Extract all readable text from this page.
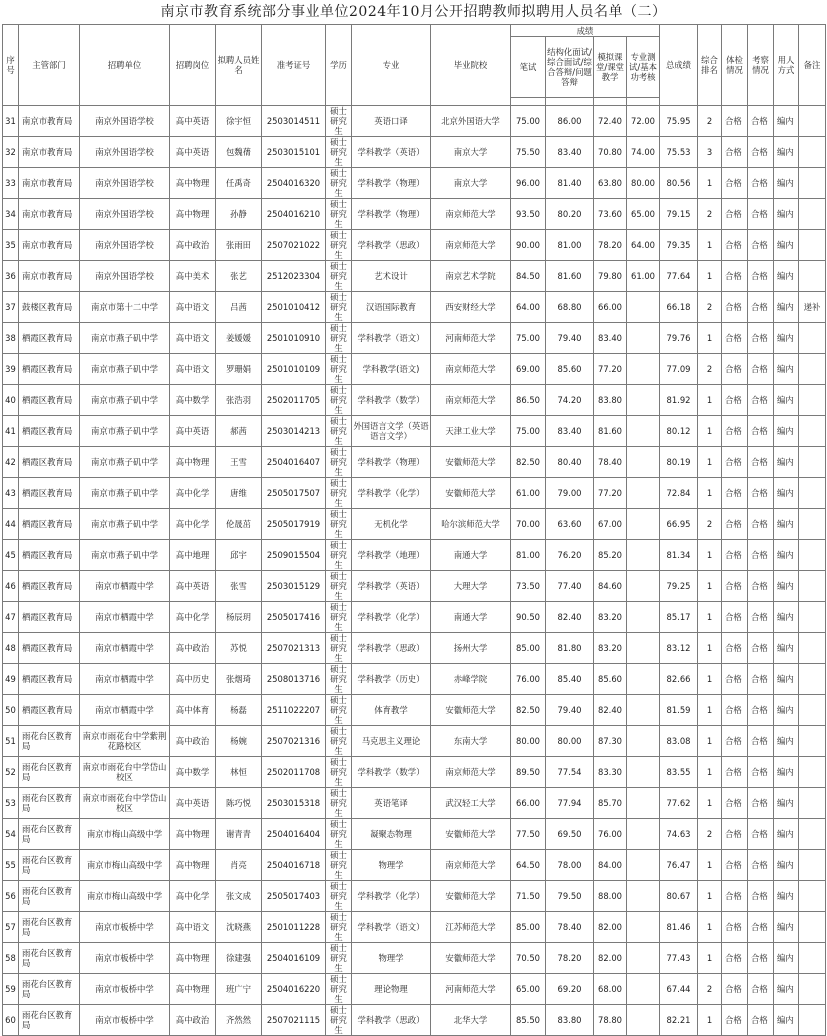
南京市教育系统部分事业单位2024年10月公开招聘教师拟聘用人员名单（二）
序号	主管部门	招聘单位	招聘岗位	拟聘人员姓名	准考证号	学历	专业	毕业院校	成绩				总成绩	综合排名	体检情况	考察情况	用人方式	备注
									笔试	结构化面试/综合面试/综合答辩/问题答辩	模拟课堂/课堂教学	专业测试/基本功考核						

31	南京市教育局	南京外国语学校	高中英语	徐宇恒	2503014511	硕士研究生	英语口译	北京外国语大学	75.00	86.00	72.40	72.00	75.95	2	合格	合格	编内	
32	南京市教育局	南京外国语学校	高中英语	包魏蒨	2503015101	硕士研究生	学科教学（英语）	南京大学	75.50	83.40	70.80	74.00	75.53	3	合格	合格	编内	
33	南京市教育局	南京外国语学校	高中物理	任禹奇	2504016320	硕士研究生	学科教学（物理）	南京大学	96.00	81.40	63.80	80.00	80.56	1	合格	合格	编内	
34	南京市教育局	南京外国语学校	高中物理	孙静	2504016210	硕士研究生	学科教学（物理）	南京师范大学	93.50	80.20	73.60	65.00	79.15	2	合格	合格	编内	
35	南京市教育局	南京外国语学校	高中政治	张雨田	2507021022	硕士研究生	学科教学（思政）	南京师范大学	90.00	81.00	78.20	64.00	79.35	1	合格	合格	编内	
36	南京市教育局	南京外国语学校	高中美术	张艺	2512023304	硕士研究生	艺术设计	南京艺术学院	84.50	81.60	79.80	61.00	77.64	1	合格	合格	编内	
37	鼓楼区教育局	南京市第十二中学	高中语文	吕茜	2501010412	硕士研究生	汉语国际教育	西安财经大学	64.00	68.80	66.00		66.18	2	合格	合格	编内	递补
38	栖霞区教育局	南京市燕子矶中学	高中语文	姜媛媛	2501010910	硕士研究生	学科教学（语文）	河南师范大学	75.00	79.40	83.40		79.76	1	合格	合格	编内	
39	栖霞区教育局	南京市燕子矶中学	高中语文	罗珊娟	2501010109	硕士研究生	学科教学(语文)	南京师范大学	69.00	85.60	77.20		77.09	2	合格	合格	编内	
40	栖霞区教育局	南京市燕子矶中学	高中数学	张浩羽	2502011705	硕士研究生	学科教学（数学）	南京师范大学	86.50	74.20	83.80		81.92	1	合格	合格	编内	
41	栖霞区教育局	南京市燕子矶中学	高中英语	郝茜	2503014213	硕士研究生	外国语言文学（英语语言文学）	天津工业大学	75.00	83.40	81.60		80.12	1	合格	合格	编内	
42	栖霞区教育局	南京市燕子矶中学	高中物理	王雪	2504016407	硕士研究生	学科教学（物理）	安徽师范大学	82.50	80.40	78.40		80.19	1	合格	合格	编内	
43	栖霞区教育局	南京市燕子矶中学	高中化学	唐维	2505017507	硕士研究生	学科教学（化学）	安徽师范大学	61.00	79.00	77.20		72.84	1	合格	合格	编内	
44	栖霞区教育局	南京市燕子矶中学	高中化学	伦晟茁	2505017919	硕士研究生	无机化学	哈尔滨师范大学	70.00	63.60	67.00		66.95	2	合格	合格	编内	
45	栖霞区教育局	南京市燕子矶中学	高中地理	邱宇	2509015504	硕士研究生	学科教学（地理）	南通大学	81.00	76.20	85.20		81.34	1	合格	合格	编内	
46	栖霞区教育局	南京市栖霞中学	高中英语	张雪	2503015129	硕士研究生	学科教学（英语）	大理大学	73.50	77.40	84.60		79.25	1	合格	合格	编内	
47	栖霞区教育局	南京市栖霞中学	高中化学	杨辰玥	2505017416	硕士研究生	学科教学（化学）	南通大学	90.50	82.40	83.20		85.17	1	合格	合格	编内	
48	栖霞区教育局	南京市栖霞中学	高中政治	苏悦	2507021313	硕士研究生	学科教学（思政）	扬州大学	85.00	81.80	83.20		83.12	1	合格	合格	编内	
49	栖霞区教育局	南京市栖霞中学	高中历史	张烟琦	2508013716	硕士研究生	学科教学（历史）	赤峰学院	76.00	85.40	85.60		82.66	1	合格	合格	编内	
50	栖霞区教育局	南京市栖霞中学	高中体育	杨磊	2511022207	硕士研究生	体育教学	安徽师范大学	82.50	79.40	82.40		81.59	1	合格	合格	编内	
51	雨花台区教育局	南京市雨花台中学紫荆花路校区	高中政治	杨婉	2507021316	硕士研究生	马克思主义理论	东南大学	80.00	80.00	87.30		83.08	1	合格	合格	编内	
52	雨花台区教育局	南京市雨花台中学岱山校区	高中数学	林恒	2502011708	硕士研究生	学科教学（数学）	南京师范大学	89.50	77.54	83.30		83.55	1	合格	合格	编内	
53	雨花台区教育局	南京市雨花台中学岱山校区	高中英语	陈巧悦	2503015318	硕士研究生	英语笔译	武汉轻工大学	66.00	77.94	85.70		77.62	1	合格	合格	编内	
54	雨花台区教育局	南京市梅山高级中学	高中物理	谢青青	2504016404	硕士研究生	凝聚态物理	安徽师范大学	77.50	69.50	76.00		74.63	2	合格	合格	编内	
55	雨花台区教育局	南京市梅山高级中学	高中物理	肖亮	2504016718	硕士研究生	物理学	南京师范大学	64.50	78.00	84.00		76.47	1	合格	合格	编内	
56	雨花台区教育局	南京市梅山高级中学	高中化学	张文成	2505017403	硕士研究生	学科教学（化学）	安徽师范大学	71.50	79.50	88.00		80.67	1	合格	合格	编内	
57	雨花台区教育局	南京市板桥中学	高中语文	沈晓燕	2501011228	硕士研究生	学科教学（语文）	江苏师范大学	85.00	78.40	82.00		81.46	1	合格	合格	编内	
58	雨花台区教育局	南京市板桥中学	高中物理	徐建强	2504016109	硕士研究生	物理学	安徽师范大学	70.50	78.20	82.00		77.43	1	合格	合格	编内	
59	雨花台区教育局	南京市板桥中学	高中物理	班广宁	2504016220	硕士研究生	理论物理	河南师范大学	65.00	69.20	68.00		67.44	2	合格	合格	编内	
60	雨花台区教育局	南京市板桥中学	高中政治	齐然然	2507021115	硕士研究生	学科教学（思政）	北华大学	85.50	83.80	78.80		82.21	1	合格	合格	编内	
